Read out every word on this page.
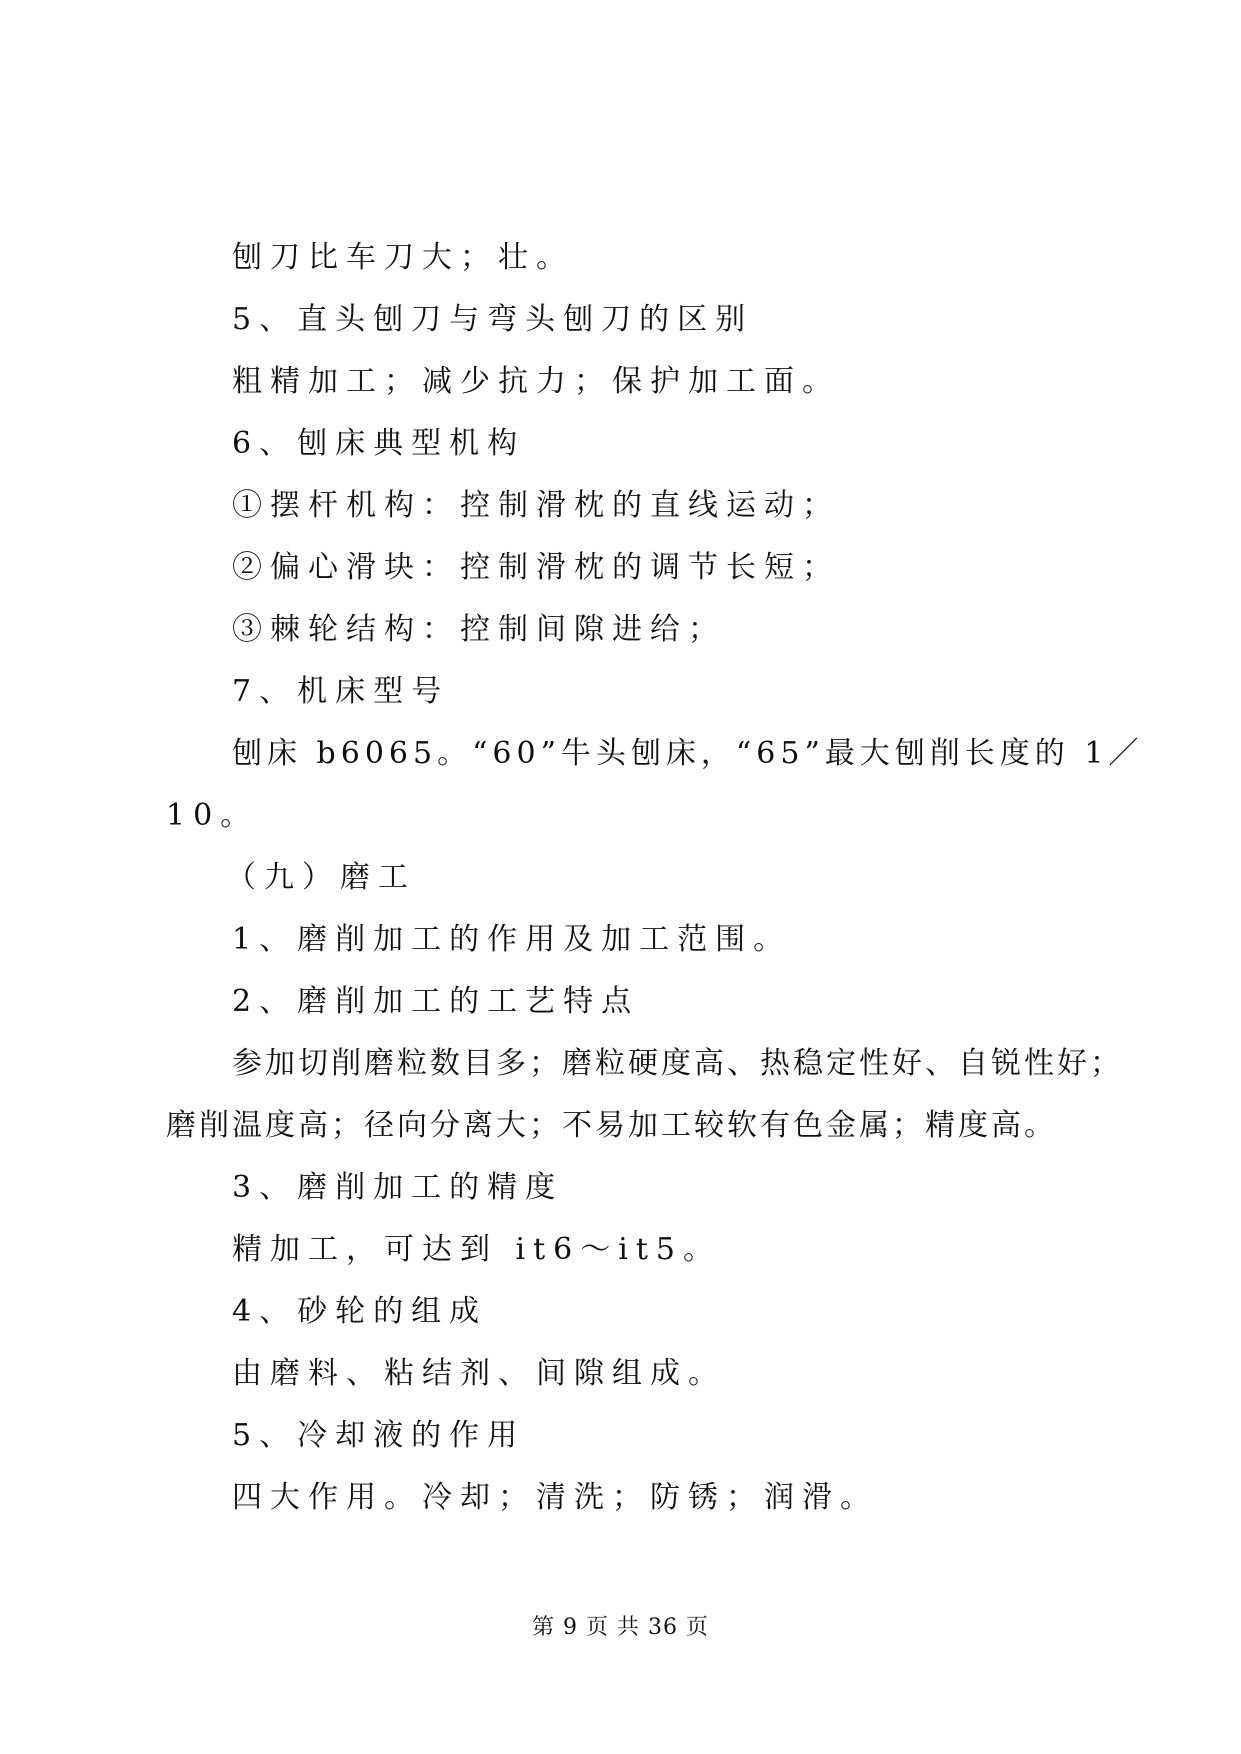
刨刀比车刀大；壮。
5、直头刨刀与弯头刨刀的区别
粗精加工；减少抗力；保护加工面。
6、刨床典型机构
①摆杆机构：控制滑枕的直线运动；
②偏心滑块：控制滑枕的调节长短；
③棘轮结构：控制间隙进给；
7、机床型号
刨床 b6065。“60”牛头刨床，“65”最大刨削长度的 1／
10。
（九）磨工
1、磨削加工的作用及加工范围。
2、磨削加工的工艺特点
参加切削磨粒数目多；磨粒硬度高、热稳定性好、自锐性好；
磨削温度高；径向分离大；不易加工较软有色金属；精度高。
3、磨削加工的精度
精加工，可达到 it6～it5。
4、砂轮的组成
由磨料、粘结剂、间隙组成。
5、冷却液的作用
四大作用。冷却；清洗；防锈；润滑。
第 9 页 共 36 页
